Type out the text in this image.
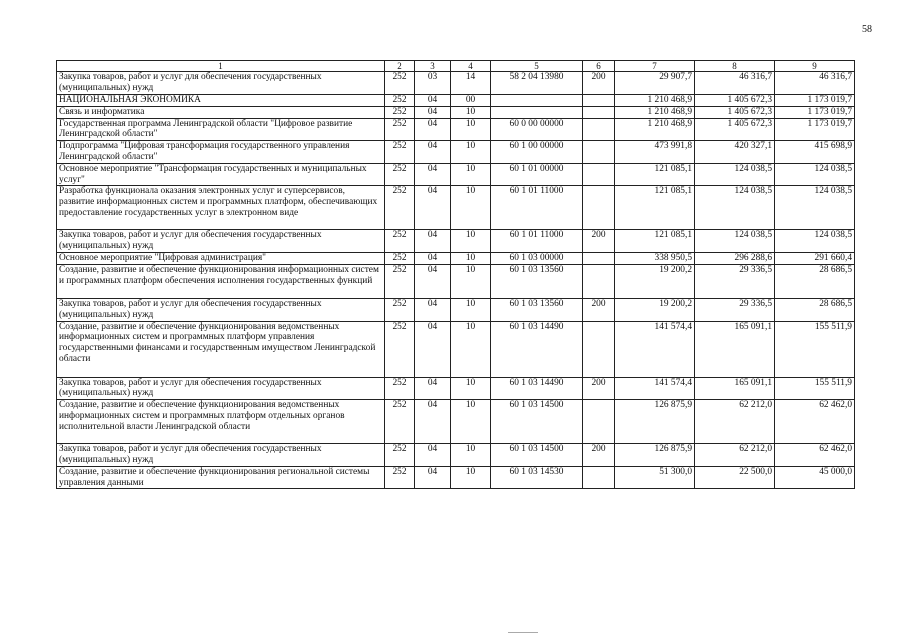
58
1	2	3	4	5	6	7	8	9
Закупка товаров, работ и услуг для обеспечения государственных (муниципальных) нужд	252	03	14	58 2 04 13980	200	29 907,7	46 316,7	46 316,7
НАЦИОНАЛЬНАЯ ЭКОНОМИКА	252	04	00			1 210 468,9	1 405 672,3	1 173 019,7
Связь и информатика	252	04	10			1 210 468,9	1 405 672,3	1 173 019,7
Государственная программа Ленинградской области "Цифровое развитие Ленинградской области"	252	04	10	60 0 00 00000		1 210 468,9	1 405 672,3	1 173 019,7
Подпрограмма "Цифровая трансформация государственного управления Ленинградской области"	252	04	10	60 1 00 00000		473 991,8	420 327,1	415 698,9
Основное мероприятие "Трансформация государственных и муниципальных услуг"	252	04	10	60 1 01 00000		121 085,1	124 038,5	124 038,5
Разработка функционала оказания электронных услуг и суперсервисов, развитие информационных систем и программных платформ, обеспечивающих предоставление государственных услуг в электронном виде	252	04	10	60 1 01 11000		121 085,1	124 038,5	124 038,5
Закупка товаров, работ и услуг для обеспечения государственных (муниципальных) нужд	252	04	10	60 1 01 11000	200	121 085,1	124 038,5	124 038,5
Основное мероприятие "Цифровая администрация"	252	04	10	60 1 03 00000		338 950,5	296 288,6	291 660,4
Создание, развитие и обеспечение функционирования информационных систем и программных платформ обеспечения исполнения государственных функций	252	04	10	60 1 03 13560		19 200,2	29 336,5	28 686,5
Закупка товаров, работ и услуг для обеспечения государственных (муниципальных) нужд	252	04	10	60 1 03 13560	200	19 200,2	29 336,5	28 686,5
Создание, развитие и обеспечение функционирования ведомственных информационных систем и программных платформ управления государственными финансами и государственным имуществом Ленинградской области	252	04	10	60 1 03 14490		141 574,4	165 091,1	155 511,9
Закупка товаров, работ и услуг для обеспечения государственных (муниципальных) нужд	252	04	10	60 1 03 14490	200	141 574,4	165 091,1	155 511,9
Создание, развитие и обеспечение функционирования ведомственных информационных систем и программных платформ отдельных органов исполнительной власти Ленинградской области	252	04	10	60 1 03 14500		126 875,9	62 212,0	62 462,0
Закупка товаров, работ и услуг для обеспечения государственных (муниципальных) нужд	252	04	10	60 1 03 14500	200	126 875,9	62 212,0	62 462,0
Создание, развитие и обеспечение функционирования региональной системы управления данными	252	04	10	60 1 03 14530		51 300,0	22 500,0	45 000,0
